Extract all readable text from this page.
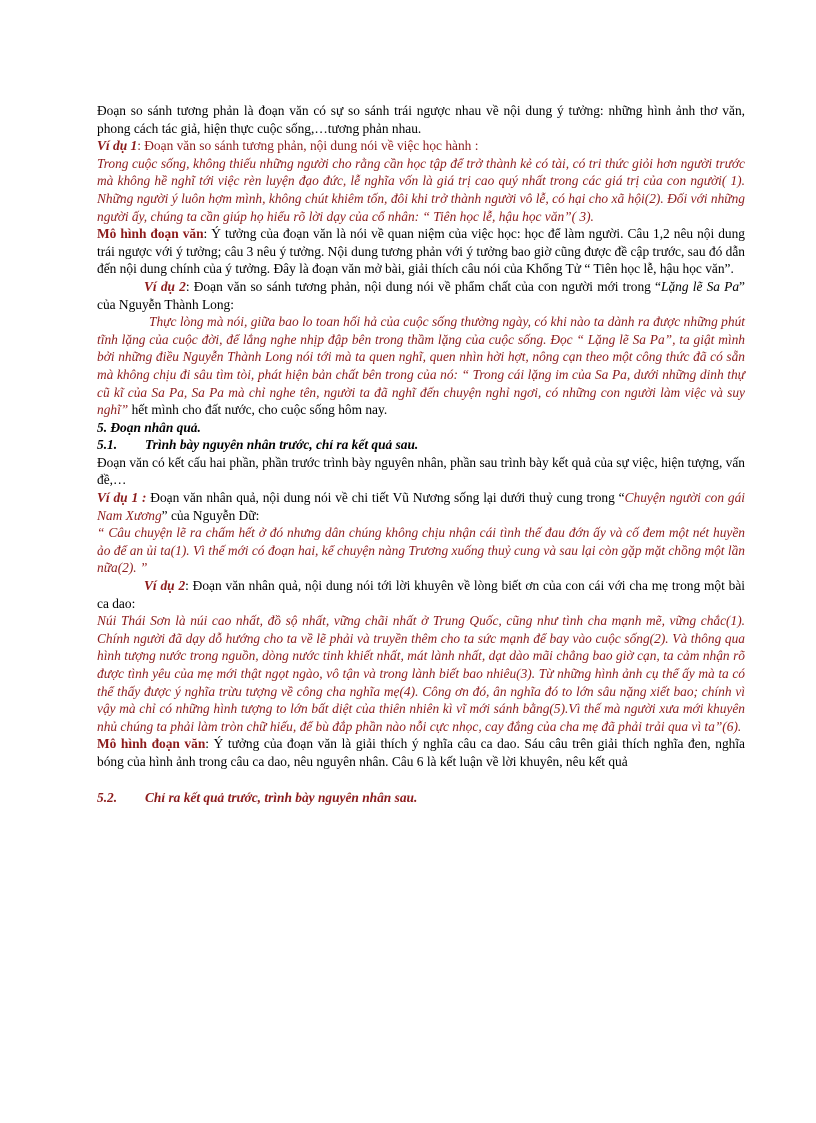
Đoạn so sánh tương phản là đoạn văn có sự so sánh trái ngược nhau về nội dung ý tưởng: những hình ảnh thơ văn, phong cách tác giả, hiện thực cuộc sống,…tương phản nhau.

Ví dụ 1: Đoạn văn so sánh tương phản, nội dung nói về việc học hành :

Trong cuộc sống, không thiếu những người cho rằng cần học tập để trở thành kẻ có tài, có tri thức giỏi hơn người trước mà không hề nghĩ tới việc rèn luyện đạo đức, lễ nghĩa vốn là giá trị cao quý nhất trong các giá trị của con người( 1). Những người ý luôn hợm mình, không chút khiêm tốn, đôi khi trở thành người vô lễ, có hại cho xã hội(2). Đối với những người ấy, chúng ta cần giúp họ hiểu rõ lời dạy của cổ nhân: “ Tiên học lễ, hậu học văn”( 3).

Mô hình đoạn văn: Ý tưởng của đoạn văn là nói về quan niệm của việc học: học để làm người. Câu 1,2 nêu nội dung trái ngược với ý tưởng; câu 3 nêu ý tưởng. Nội dung tương phản với ý tưởng bao giờ cũng được đề cập trước, sau đó dẫn đến nội dung chính của ý tưởng. Đây là đoạn văn mở bài, giải thích câu nói của Khổng Tử “ Tiên học lễ, hậu học văn”.

Ví dụ 2: Đoạn văn so sánh tương phản, nội dung nói về phẩm chất của con người mới trong “Lặng lẽ Sa Pa” của Nguyễn Thành Long:

Thực lòng mà nói, giữa bao lo toan hối hả của cuộc sống thường ngày, có khi nào ta dành ra được những phút tĩnh lặng của cuộc đời, để lắng nghe nhịp đập bên trong thầm lặng của cuộc sống. Đọc “ Lặng lẽ Sa Pa”, ta giật mình bởi những điều Nguyễn Thành Long nói tới mà ta quen nghĩ, quen nhìn hời hợt, nông cạn theo một công thức đã có sẵn mà không chịu đi sâu tìm tòi, phát hiện bản chất bên trong của nó: “ Trong cái lặng im của Sa Pa, dưới những dinh thự cũ kĩ của Sa Pa, Sa Pa mà chỉ nghe tên, người ta đã nghĩ đến chuyện nghỉ ngơi, có những con người làm việc và suy nghĩ” hết mình cho đất nước, cho cuộc sống hôm nay.

5. Đoạn nhân quả.

5.1. Trình bày nguyên nhân trước, chỉ ra kết quả sau.

Đoạn văn có kết cấu hai phần, phần trước trình bày nguyên nhân, phần sau trình bày kết quả của sự việc, hiện tượng, vấn đề,…

Ví dụ 1 : Đoạn văn nhân quả, nội dung nói về chi tiết Vũ Nương sống lại dưới thuỷ cung trong “Chuyện người con gái Nam Xương” của Nguyễn Dữ:

“ Câu chuyện lẽ ra chấm hết ở đó nhưng dân chúng không chịu nhận cái tình thế đau đớn ấy và cố đem một nét huyền ảo để an ủi ta(1). Vì thế mới có đoạn hai, kể chuyện nàng Trương xuống thuỷ cung và sau lại còn gặp mặt chồng một lần nữa(2). ”

Ví dụ 2: Đoạn văn nhân quả, nội dung nói tới lời khuyên về lòng biết ơn của con cái với cha mẹ trong một bài ca dao:

Núi Thái Sơn là núi cao nhất, đồ sộ nhất, vững chãi nhất ở Trung Quốc, cũng như tình cha mạnh mẽ, vững chắc(1). Chính người đã dạy dỗ hướng cho ta về lẽ phải và truyền thêm cho ta sức mạnh để bay vào cuộc sống(2). Và thông qua hình tượng nước trong nguồn, dòng nước tinh khiết nhất, mát lành nhất, dạt dào mãi chẳng bao giờ cạn, ta cảm nhận rõ được tình yêu của mẹ mới thật ngọt ngào, vô tận và trong lành biết bao nhiêu(3). Từ những hình ảnh cụ thể ấy mà ta có thể thấy được ý nghĩa trừu tượng về công cha nghĩa mẹ(4). Công ơn đó, ân nghĩa đó to lớn sâu nặng xiết bao; chính vì vậy mà chỉ có những hình tượng to lớn bất diệt của thiên nhiên kì vĩ mới sánh bằng(5).Vì thế mà người xưa mới khuyên nhủ chúng ta phải làm tròn chữ hiếu, để bù đắp phần nào nỗi cực nhọc, cay đắng của cha mẹ đã phải trải qua vì ta”(6).

Mô hình đoạn văn: Ý tưởng của đoạn văn là giải thích ý nghĩa câu ca dao. Sáu câu trên giải thích nghĩa đen, nghĩa bóng của hình ảnh trong câu ca dao, nêu nguyên nhân. Câu 6 là kết luận về lời khuyên, nêu kết quả

5.2. Chỉ ra kết quả trước, trình bày nguyên nhân sau.
